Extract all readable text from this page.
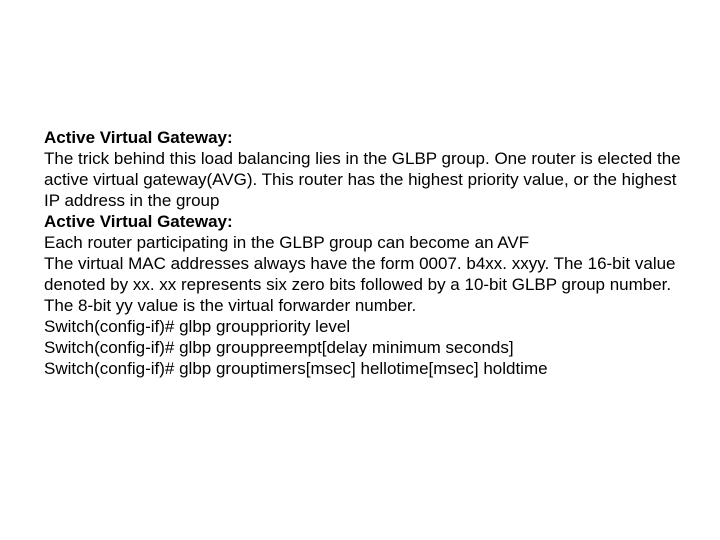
Active Virtual Gateway:

The trick behind this load balancing lies in the GLBP group. One router is elected the active virtual gateway(AVG). This router has the highest priority value, or the highest IP address in the group

Active Virtual Gateway:

Each router participating in the GLBP group can become an AVF

The virtual MAC addresses always have the form 0007. b4xx. xxyy. The 16-bit value denoted by xx. xx represents six zero bits followed by a 10-bit GLBP group number. The 8-bit yy value is the virtual forwarder number.

Switch(config-if)# glbp grouppriority level

Switch(config-if)# glbp grouppreempt[delay minimum seconds]

Switch(config-if)# glbp grouptimers[msec] hellotime[msec] holdtime
